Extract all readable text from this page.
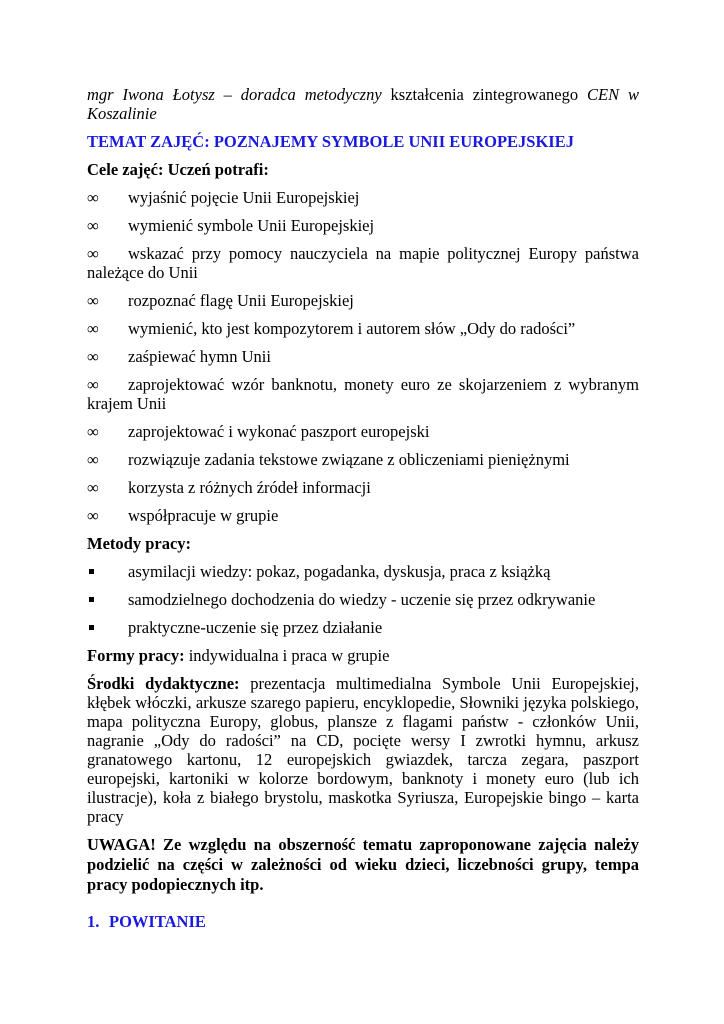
mgr Iwona Łotysz – doradca metodyczny kształcenia zintegrowanego CEN w Koszalinie

TEMAT ZAJĘĆ: POZNAJEMY SYMBOLE UNII EUROPEJSKIEJ

Cele zajęć: Uczeń potrafi:

∞	wyjaśnić pojęcie Unii Europejskiej
∞	wymienić symbole Unii Europejskiej
∞ wskazać przy pomocy nauczyciela na mapie politycznej Europy państwa należące do Unii
∞	rozpoznać flagę Unii Europejskiej
∞	wymienić, kto jest kompozytorem i autorem słów „Ody do radości”
∞	zaśpiewać hymn Unii
∞ zaprojektować wzór banknotu, monety euro ze skojarzeniem z wybranym krajem Unii
∞	zaprojektować i wykonać paszport europejski
∞	rozwiązuje zadania tekstowe związane z obliczeniami pieniężnymi
∞	korzysta z różnych źródeł informacji
∞	współpracuje w grupie

Metody pracy:

asymilacji wiedzy: pokaz, pogadanka, dyskusja, praca z książką
samodzielnego dochodzenia do wiedzy - uczenie się przez odkrywanie
praktyczne-uczenie się przez działanie

Formy pracy: indywidualna i praca w grupie

Środki dydaktyczne: prezentacja multimedialna Symbole Unii Europejskiej, kłębek włóczki, arkusze szarego papieru, encyklopedie, Słowniki języka polskiego, mapa polityczna Europy, globus, plansze z flagami państw - członków Unii, nagranie „Ody do radości” na CD, pocięte wersy I zwrotki hymnu, arkusz granatowego kartonu, 12 europejskich gwiazdek, tarcza zegara, paszport europejski, kartoniki w kolorze bordowym, banknoty i monety euro (lub ich ilustracje), koła z białego brystolu, maskotka Syriusza, Europejskie bingo – karta pracy

UWAGA! Ze względu na obszerność tematu zaproponowane zajęcia należy podzielić na części w zależności od wieku dzieci, liczebności grupy, tempa pracy podopiecznych itp.

1. POWITANIE
